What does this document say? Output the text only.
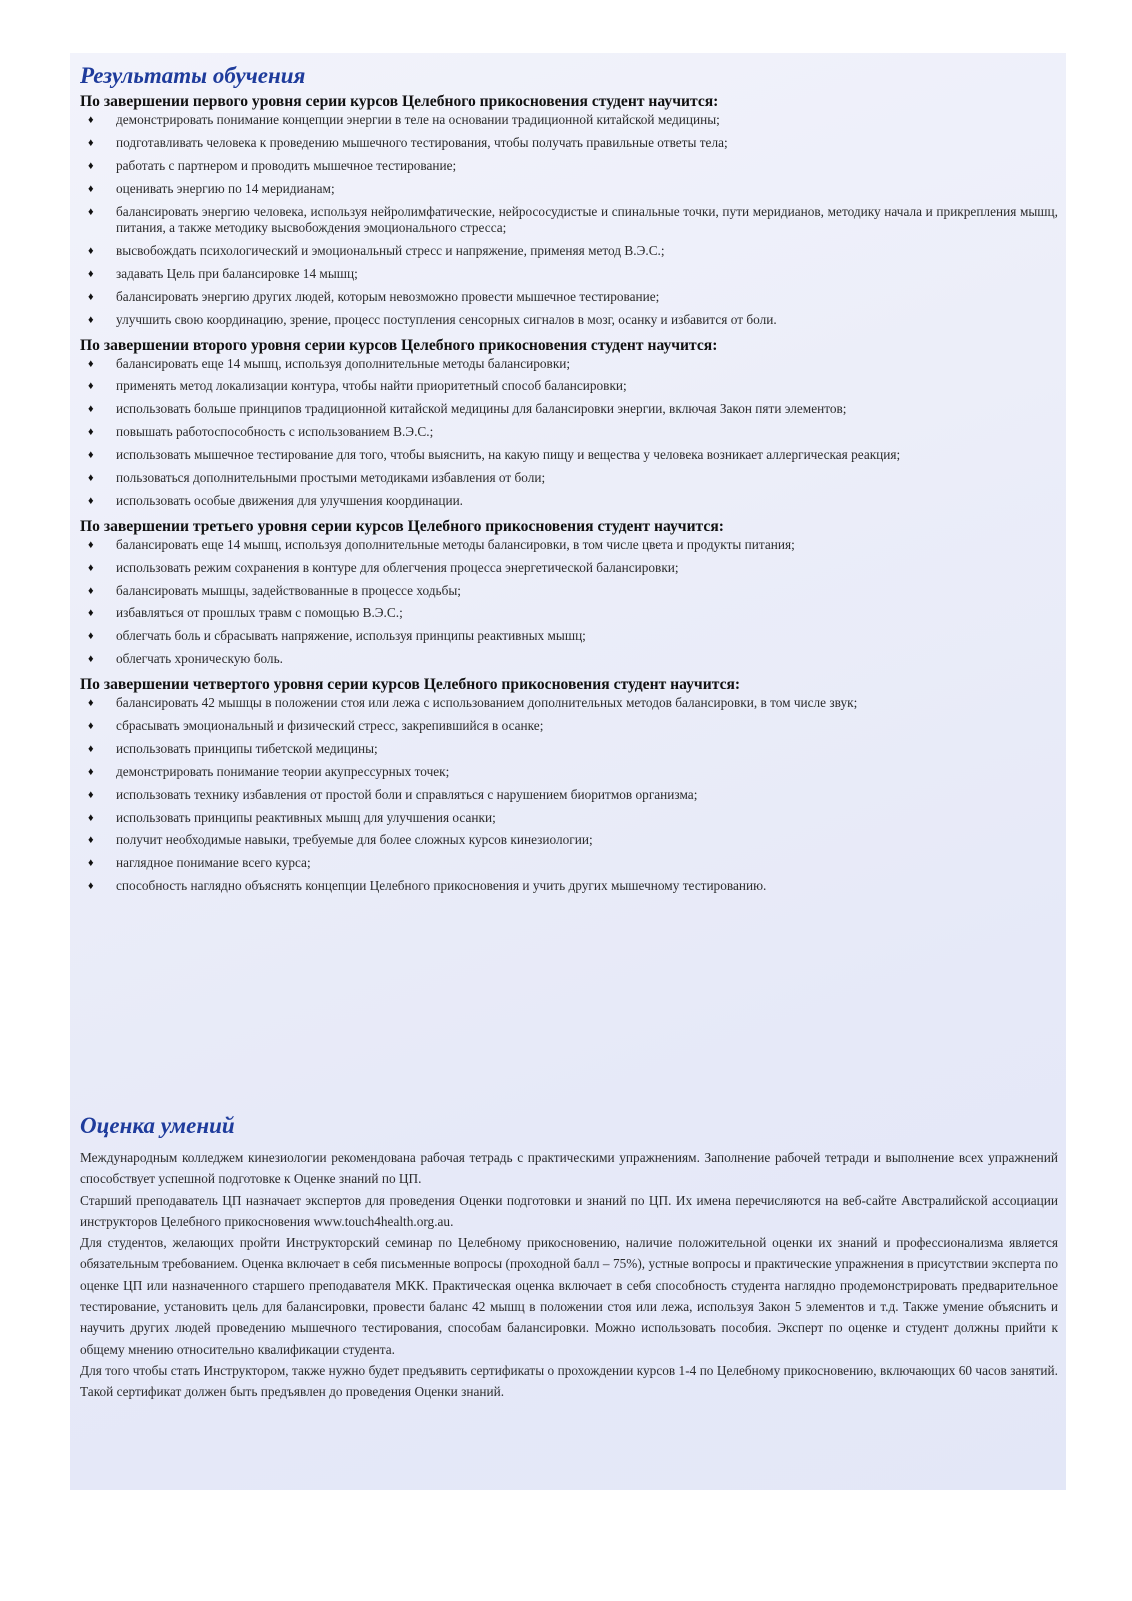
Результаты обучения
По завершении первого уровня серии курсов Целебного прикосновения студент научится:
♦ демонстрировать понимание концепции энергии в теле на основании традиционной китайской медицины;
♦ подготавливать человека к проведению мышечного тестирования, чтобы получать правильные ответы тела;
♦ работать с партнером и проводить мышечное тестирование;
♦ оценивать энергию по 14 меридианам;
♦ балансировать энергию человека, используя нейролимфатические, нейрососудистые и спинальные точки, пути меридианов, методику начала и прикрепления мышц, питания, а также методику высвобождения эмоционального стресса;
♦ высвобождать психологический и эмоциональный стресс и напряжение, применяя метод В.Э.С.;
♦ задавать Цель при балансировке 14 мышц;
♦ балансировать энергию других людей, которым невозможно провести мышечное тестирование;
♦ улучшить свою координацию, зрение, процесс поступления сенсорных сигналов в мозг, осанку и избавится от боли.
По завершении второго уровня серии курсов Целебного прикосновения студент научится:
♦ балансировать еще 14 мышц, используя дополнительные методы балансировки;
♦ применять метод локализации контура, чтобы найти приоритетный способ балансировки;
♦ использовать больше принципов традиционной китайской медицины для балансировки энергии, включая Закон пяти элементов;
♦ повышать работоспособность с использованием В.Э.С.;
♦ использовать мышечное тестирование для того, чтобы выяснить, на какую пищу и вещества у человека возникает аллергическая реакция;
♦ пользоваться дополнительными простыми методиками избавления от боли;
♦ использовать особые движения для улучшения координации.
По завершении третьего уровня серии курсов Целебного прикосновения студент научится:
♦ балансировать еще 14 мышц, используя дополнительные методы балансировки, в том числе цвета и продукты питания;
♦ использовать режим сохранения в контуре для облегчения процесса энергетической балансировки;
♦ балансировать мышцы, задействованные в процессе ходьбы;
♦ избавляться от прошлых травм с помощью В.Э.С.;
♦ облегчать боль и сбрасывать напряжение, используя принципы реактивных мышц;
♦ облегчать хроническую боль.
По завершении четвертого уровня серии курсов Целебного прикосновения студент научится:
♦ балансировать 42 мышцы в положении стоя или лежа с использованием дополнительных методов балансировки, в том числе звук;
♦ сбрасывать эмоциональный и физический стресс, закрепившийся в осанке;
♦ использовать принципы тибетской медицины;
♦ демонстрировать понимание теории акупрессурных точек;
♦ использовать технику избавления от простой боли и справляться с нарушением биоритмов организма;
♦ использовать принципы реактивных мышц для улучшения осанки;
♦ получит необходимые навыки, требуемые для более сложных курсов кинезиологии;
♦ наглядное понимание всего курса;
♦ способность наглядно объяснять концепции Целебного прикосновения и учить других мышечному тестированию.
Оценка умений

Международным колледжем кинезиологии рекомендована рабочая тетрадь с практическими упражнениям. Заполнение рабочей тетради и выполнение всех упражнений способствует успешной подготовке к Оценке знаний по ЦП.

Старший преподаватель ЦП назначает экспертов для проведения Оценки подготовки и знаний по ЦП. Их имена перечисляются на веб-сайте Австралийской ассоциации инструкторов Целебного прикосновения www.touch4health.org.au.

Для студентов, желающих пройти Инструкторский семинар по Целебному прикосновению, наличие положительной оценки их знаний и профессионализма является обязательным требованием. Оценка включает в себя письменные вопросы (проходной балл – 75%), устные вопросы и практические упражнения в присутствии эксперта по оценке ЦП или назначенного старшего преподавателя МКК. Практическая оценка включает в себя способность студента наглядно продемонстрировать предварительное тестирование, установить цель для балансировки, провести баланс 42 мышц в положении стоя или лежа, используя Закон 5 элементов и т.д. Также умение объяснить и научить других людей проведению мышечного тестирования, способам балансировки. Можно использовать пособия. Эксперт по оценке и студент должны прийти к общему мнению относительно квалификации студента.

Для того чтобы стать Инструктором, также нужно будет предъявить сертификаты о прохождении курсов 1-4 по Целебному прикосновению, включающих 60 часов занятий. Такой сертификат должен быть предъявлен до проведения Оценки знаний.
